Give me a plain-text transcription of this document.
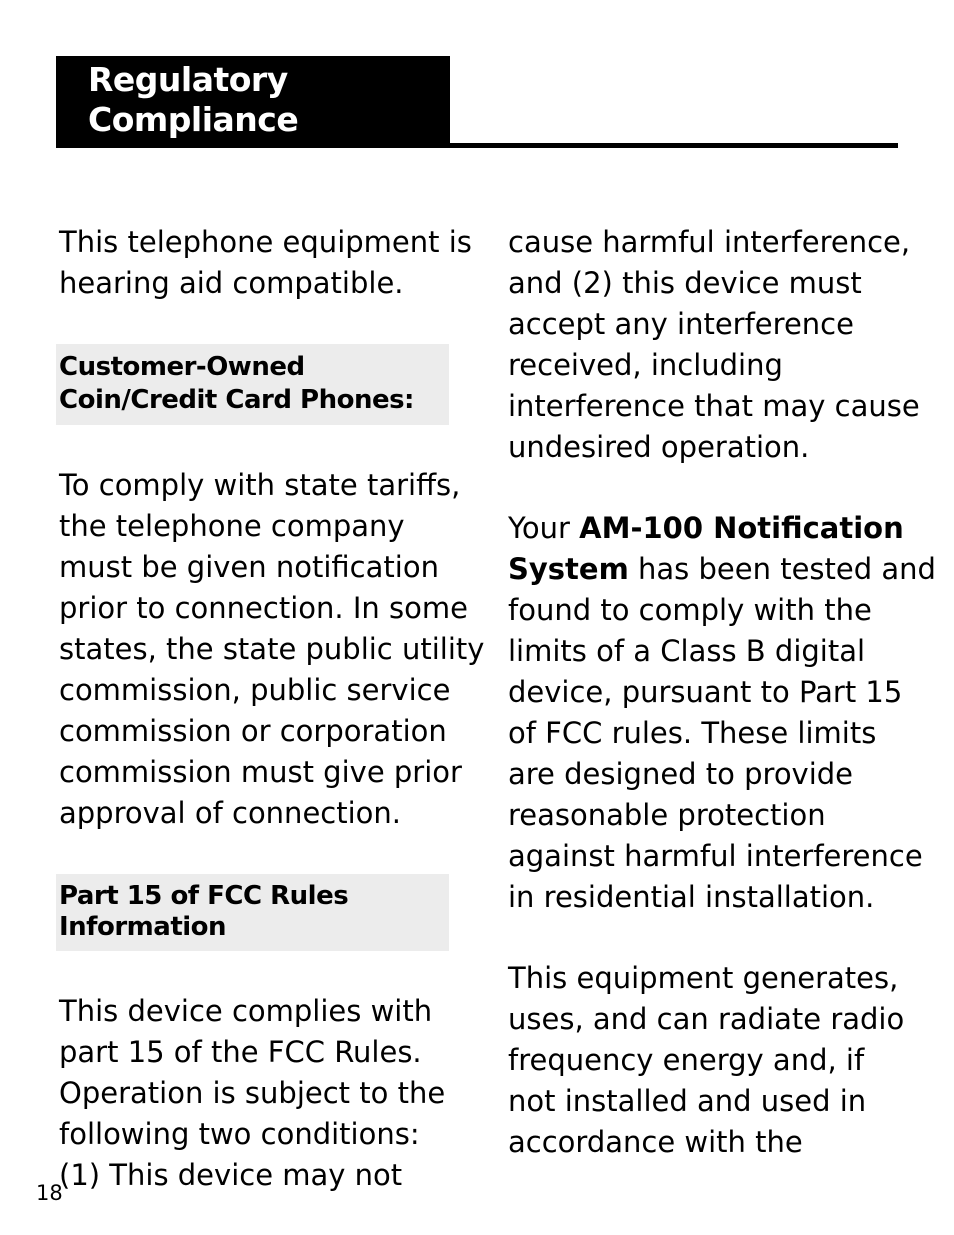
Regulatory
Compliance

This telephone equipment is
hearing aid compatible.

Customer-Owned
Coin/Credit Card Phones:

To comply with state tariffs,
the telephone company
must be given notification
prior to connection. In some
states, the state public utility
commission, public service
commission or corporation
commission must give prior
approval of connection.

Part 15 of FCC Rules
Information

This device complies with
part 15 of the FCC Rules.
Operation is subject to the
following two conditions:
(1) This device may not

cause harmful interference,
and (2) this device must
accept any interference
received, including
interference that may cause
undesired operation.

Your AM-100 Notification
System has been tested and
found to comply with the
limits of a Class B digital
device, pursuant to Part 15
of FCC rules. These limits
are designed to provide
reasonable protection
against harmful interference
in residential installation.

This equipment generates,
uses, and can radiate radio
frequency energy and, if
not installed and used in
accordance with the

18
